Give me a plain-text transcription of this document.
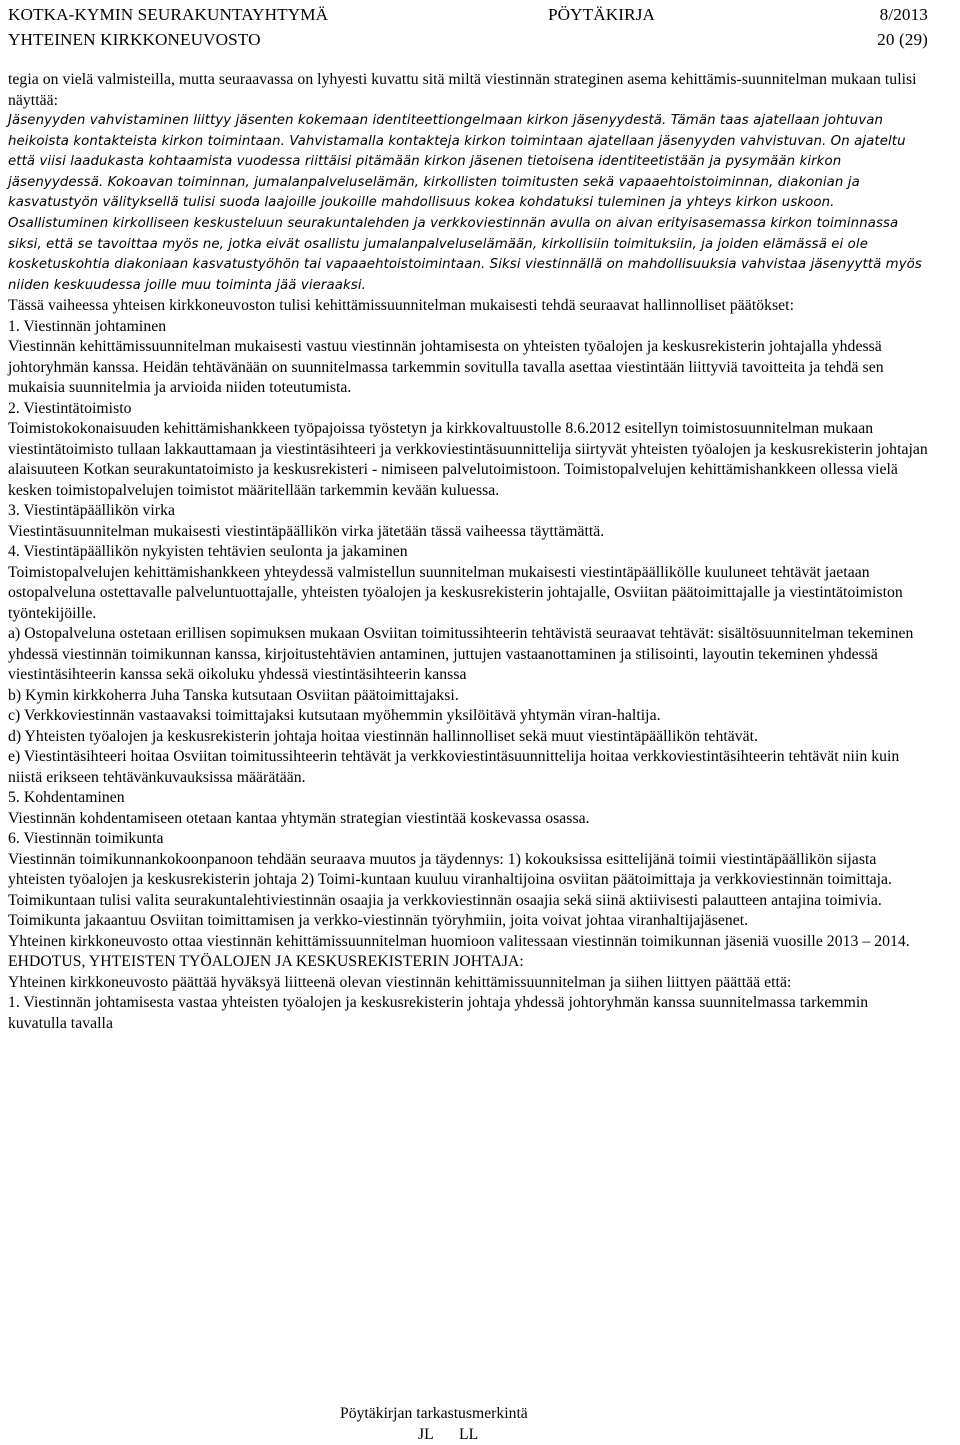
KOTKA-KYMIN SEURAKUNTAYHTYMÄ	PÖYTÄKIRJA	8/2013
YHTEINEN KIRKKONEUVOSTO	20 (29)

tegia on vielä valmisteilla, mutta seuraavassa on lyhyesti kuvattu sitä miltä viestinnän strateginen asema kehittämis-suunnitelman mukaan tulisi näyttää:

Jäsenyyden vahvistaminen liittyy jäsenten kokemaan identiteettiongelmaan kirkon jäsenyydestä. Tämän taas ajatellaan johtuvan heikoista kontakteista kirkon toimintaan. Vahvistamalla kontakteja kirkon toimintaan ajatellaan jäsenyyden vahvistuvan. On ajateltu että viisi laadukasta kohtaamista vuodessa riittäisi pitämään kirkon jäsenen tietoisena identiteetistään ja pysymään kirkon jäsenyydessä. Kokoavan toiminnan, jumalanpalveluselämän, kirkollisten toimitusten sekä vapaaehtoistoiminnan, diakonian ja kasvatustyön välityksellä tulisi suoda laajoille joukoille mahdollisuus kokea kohdatuksi tuleminen ja yhteys kirkon uskoon.

Osallistuminen kirkolliseen keskusteluun seurakuntalehden ja verkkoviestinnän avulla on aivan erityisasemassa kirkon toiminnassa siksi, että se tavoittaa myös ne, jotka eivät osallistu jumalanpalveluselämään, kirkollisiin toimituksiin, ja joiden elämässä ei ole kosketuskohtia diakoniaan kasvatustyöhön tai vapaaehtoistoimintaan. Siksi viestinnällä on mahdollisuuksia vahvistaa jäsenyyttä myös niiden keskuudessa joille muu toiminta jää vieraaksi.

Tässä vaiheessa yhteisen kirkkoneuvoston tulisi kehittämissuunnitelman mukaisesti tehdä seuraavat hallinnolliset päätökset:

1. Viestinnän johtaminen

Viestinnän kehittämissuunnitelman mukaisesti vastuu viestinnän johtamisesta on yhteisten työalojen ja keskusrekisterin johtajalla yhdessä johtoryhmän kanssa. Heidän tehtävänään on suunnitelmassa tarkemmin sovitulla tavalla asettaa viestintään liittyviä tavoitteita ja tehdä sen mukaisia suunnitelmia ja arvioida niiden toteutumista.

2. Viestintätoimisto

Toimistokokonaisuuden kehittämishankkeen työpajoissa työstetyn ja kirkkovaltuustolle 8.6.2012 esitellyn toimistosuunnitelman mukaan viestintätoimisto tullaan lakkauttamaan ja viestintäsihteeri ja verkkoviestintäsuunnittelija siirtyvät yhteisten työalojen ja keskusrekisterin johtajan alaisuuteen Kotkan seurakuntatoimisto ja keskusrekisteri - nimiseen palvelutoimistoon. Toimistopalvelujen kehittämishankkeen ollessa vielä kesken toimistopalvelujen toimistot määritellään tarkemmin kevään kuluessa.

3. Viestintäpäällikön virka

Viestintäsuunnitelman mukaisesti viestintäpäällikön virka jätetään tässä vaiheessa täyttämättä.

4. Viestintäpäällikön nykyisten tehtävien seulonta ja jakaminen

Toimistopalvelujen kehittämishankkeen yhteydessä valmistellun suunnitelman mukaisesti viestintäpäällikölle kuuluneet tehtävät jaetaan ostopalveluna ostettavalle palveluntuottajalle, yhteisten työalojen ja keskusrekisterin johtajalle, Osviitan päätoimittajalle ja viestintätoimiston työntekijöille.

a) Ostopalveluna ostetaan erillisen sopimuksen mukaan Osviitan toimitussihteerin tehtävistä seuraavat tehtävät: sisältösuunnitelman tekeminen yhdessä viestinnän toimikunnan kanssa, kirjoitustehtävien antaminen, juttujen vastaanottaminen ja stilisointi, layoutin tekeminen yhdessä viestintäsihteerin kanssa sekä oikoluku yhdessä viestintäsihteerin kanssa

b) Kymin kirkkoherra Juha Tanska kutsutaan Osviitan päätoimittajaksi.

c) Verkkoviestinnän vastaavaksi toimittajaksi kutsutaan myöhemmin yksilöitävä yhtymän viran-haltija.

d) Yhteisten työalojen ja keskusrekisterin johtaja hoitaa viestinnän hallinnolliset sekä muut viestintäpäällikön tehtävät.

e) Viestintäsihteeri hoitaa Osviitan toimitussihteerin tehtävät ja verkkoviestintäsuunnittelija hoitaa verkkoviestintäsihteerin tehtävät niin kuin niistä erikseen tehtävänkuvauksissa määrätään.

5. Kohdentaminen

Viestinnän kohdentamiseen otetaan kantaa yhtymän strategian viestintää koskevassa osassa.

6. Viestinnän toimikunta

Viestinnän toimikunnankokoonpanoon tehdään seuraava muutos ja täydennys: 1) kokouksissa esittelijänä toimii viestintäpäällikön sijasta yhteisten työalojen ja keskusrekisterin johtaja 2) Toimi-kuntaan kuuluu viranhaltijoina osviitan päätoimittaja ja verkkoviestinnän toimittaja.

Toimikuntaan tulisi valita seurakuntalehtiviestinnän osaajia ja verkkoviestinnän osaajia sekä siinä aktiivisesti palautteen antajina toimivia. Toimikunta jakaantuu Osviitan toimittamisen ja verkko-viestinnän työryhmiin, joita voivat johtaa viranhaltijajäsenet.

Yhteinen kirkkoneuvosto ottaa viestinnän kehittämissuunnitelman huomioon valitessaan viestinnän toimikunnan jäseniä vuosille 2013 – 2014.

EHDOTUS, YHTEISTEN TYÖALOJEN JA KESKUSREKISTERIN JOHTAJA:

Yhteinen kirkkoneuvosto päättää hyväksyä liitteenä olevan viestinnän kehittämissuunnitelman ja siihen liittyen päättää että:

1. Viestinnän johtamisesta vastaa yhteisten työalojen ja keskusrekisterin johtaja yhdessä johtoryhmän kanssa suunnitelmassa tarkemmin kuvatulla tavalla

Pöytäkirjan tarkastusmerkintä
JL LL
